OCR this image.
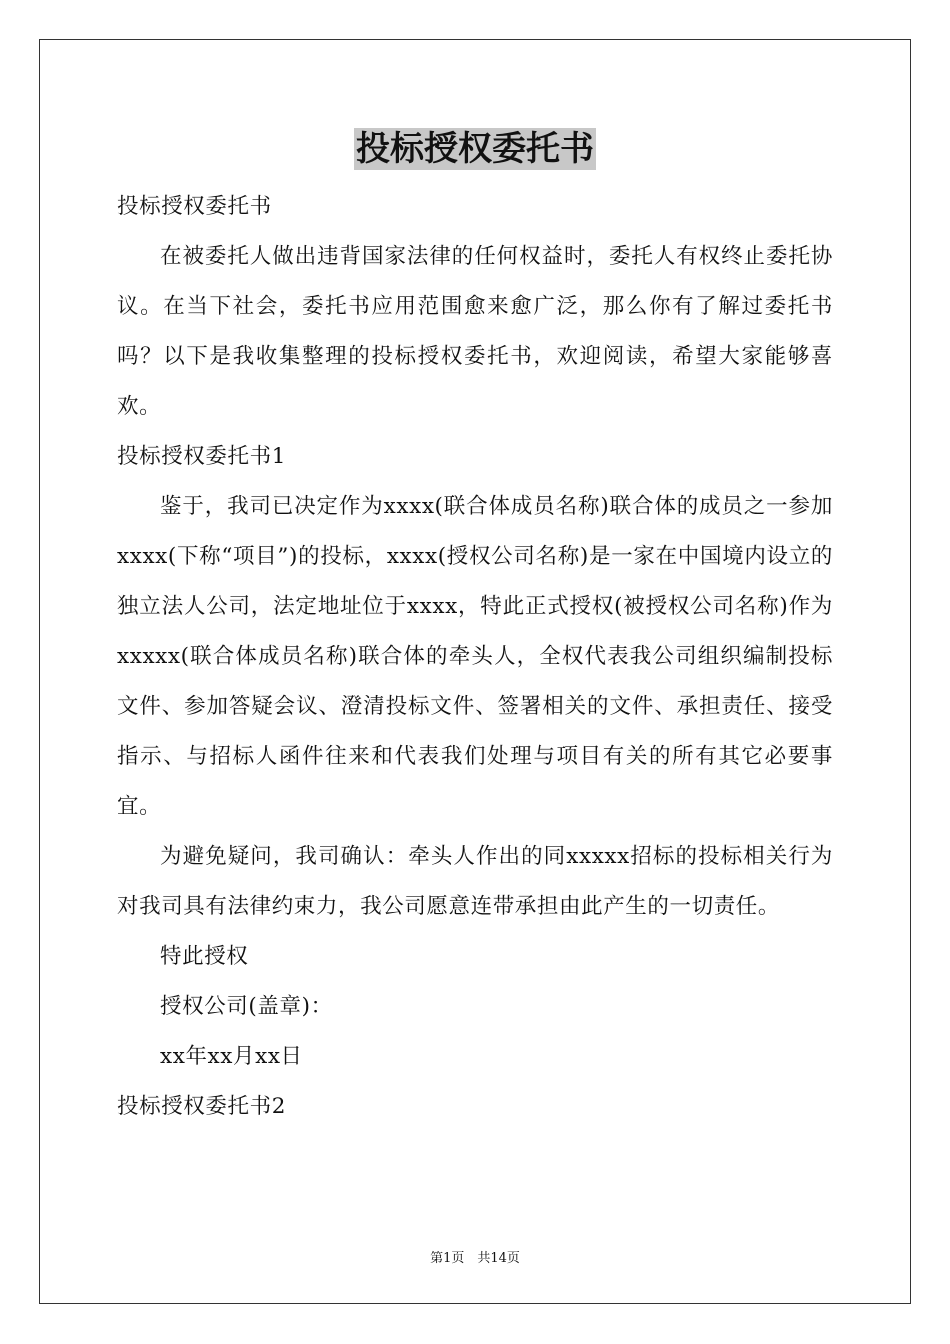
投标授权委托书

投标授权委托书

在被委托人做出违背国家法律的任何权益时，委托人有权终止委托协议。在当下社会，委托书应用范围愈来愈广泛，那么你有了解过委托书吗？以下是我收集整理的投标授权委托书，欢迎阅读，希望大家能够喜欢。

投标授权委托书1

鉴于，我司已决定作为xxxx(联合体成员名称)联合体的成员之一参加xxxx(下称“项目”)的投标，xxxx(授权公司名称)是一家在中国境内设立的独立法人公司，法定地址位于xxxx，特此正式授权(被授权公司名称)作为xxxxx(联合体成员名称)联合体的牵头人，全权代表我公司组织编制投标文件、参加答疑会议、澄清投标文件、签署相关的文件、承担责任、接受指示、与招标人函件往来和代表我们处理与项目有关的所有其它必要事宜。

为避免疑问，我司确认：牵头人作出的同xxxxx招标的投标相关行为对我司具有法律约束力，我公司愿意连带承担由此产生的一切责任。

特此授权

授权公司(盖章)：

xx年xx月xx日

投标授权委托书2

第1页　共14页
